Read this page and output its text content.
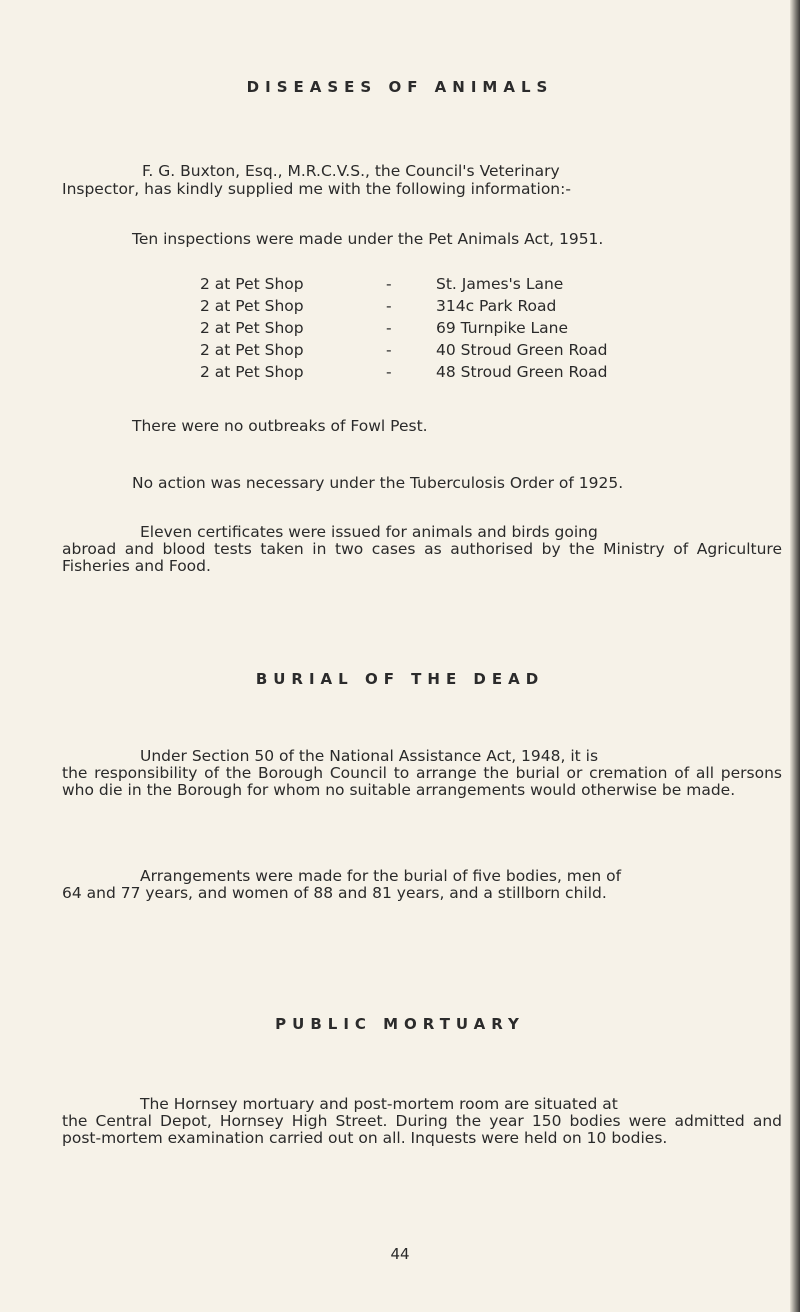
DISEASES OF ANIMALS
F. G. Buxton, Esq., M.R.C.V.S., the Council's Veterinary
Inspector, has kindly supplied me with the following information:-
Ten inspections were made under the Pet Animals Act, 1951.
2 at Pet Shop	-	St. James's Lane
2 at Pet Shop	-	314c Park Road
2 at Pet Shop	-	69 Turnpike Lane
2 at Pet Shop	-	40 Stroud Green Road
2 at Pet Shop	-	48 Stroud Green Road
There were no outbreaks of Fowl Pest.
No action was necessary under the Tuberculosis Order of 1925.
Eleven certificates were issued for animals and birds going
abroad and blood tests taken in two cases as authorised by the Ministry of Agriculture Fisheries and Food.
BURIAL OF THE DEAD
Under Section 50 of the National Assistance Act, 1948, it is
the responsibility of the Borough Council to arrange the burial or cremation of all persons who die in the Borough for whom no suitable arrangements would otherwise be made.
Arrangements were made for the burial of five bodies, men of
64 and 77 years, and women of 88 and 81 years, and a stillborn child.
PUBLIC MORTUARY
The Hornsey mortuary and post-mortem room are situated at
the Central Depot, Hornsey High Street. During the year 150 bodies were admitted and post-mortem examination carried out on all. Inquests were held on 10 bodies.
44
